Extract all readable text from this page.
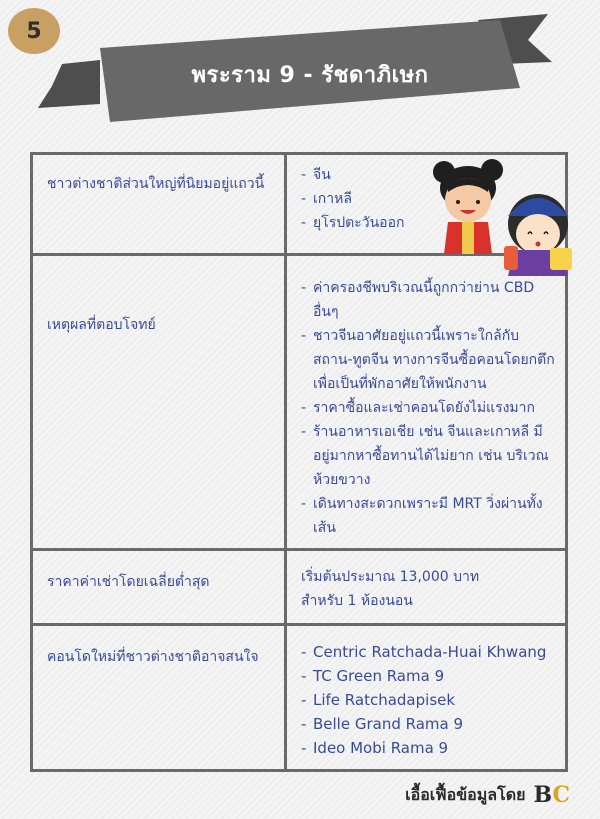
5
พระราม 9 - รัชดาภิเษก
ชาวต่างชาติส่วนใหญ่ที่นิยมอยู่แถวนี้
- จีน
- เกาหลี
- ยุโรปตะวันออก
เหตุผลที่ตอบโจทย์
- ค่าครองชีพบริเวณนี้ถูกกว่าย่าน CBD อื่นๆ
- ชาวจีนอาศัยอยู่แถวนี้เพราะใกล้กับสถาน-ทูตจีน ทางการจีนซื้อคอนโดยกตึกเพื่อเป็นที่พักอาศัยให้พนักงาน
- ราคาซื้อและเช่าคอนโดยังไม่แรงมาก
- ร้านอาหารเอเชีย เช่น จีนและเกาหลี มีอยู่มากหาซื้อทานได้ไม่ยาก เช่น บริเวณห้วยขวาง
- เดินทางสะดวกเพราะมี MRT วิ่งผ่านทั้งเส้น
ราคาค่าเช่าโดยเฉลี่ยต่ำสุด	เริ่มต้นประมาณ 13,000 บาท
สำหรับ 1 ห้องนอน
คอนโดใหม่ที่ชาวต่างชาติอาจสนใจ
-	Centric Ratchada-Huai Khwang
- TC Green Rama 9
- Life Ratchadapisek
- Belle Grand Rama 9
- Ideo Mobi Rama 9
เอื้อเฟื้อข้อมูลโดย BC
